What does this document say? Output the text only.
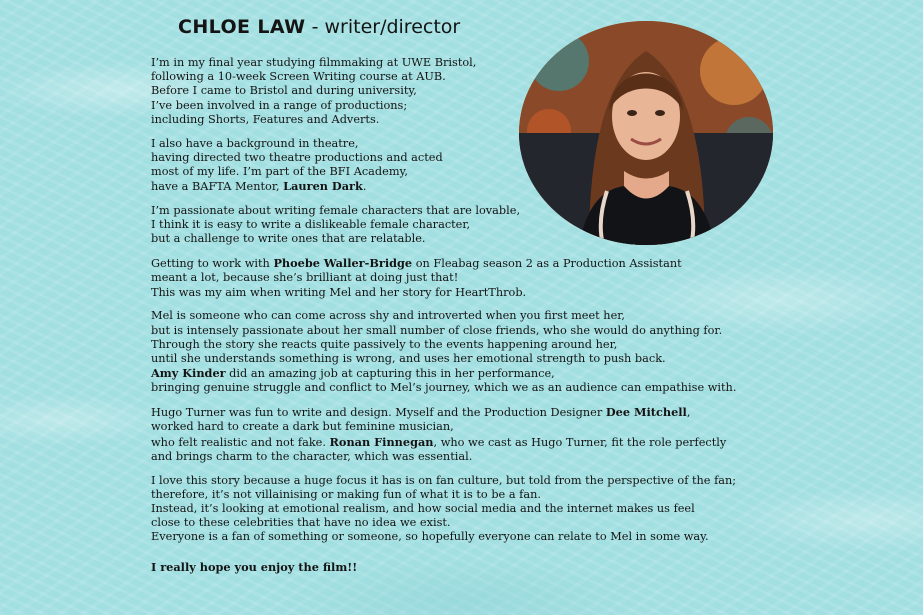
CHLOE LAW - writer/director

I’m in my final year studying filmmaking at UWE Bristol,
following a 10-week Screen Writing course at AUB.
Before I came to Bristol and during university,
I’ve been involved in a range of productions;
including Shorts, Features and Adverts.

I also have a background in theatre,
having directed two theatre productions and acted
most of my life. I’m part of the BFI Academy,
have a BAFTA Mentor, Lauren Dark.

I’m passionate about writing female characters that are lovable,
I think it is easy to write a dislikeable female character,
but a challenge to write ones that are relatable.

Getting to work with Phoebe Waller-Bridge on Fleabag season 2 as a Production Assistant
meant a lot, because she’s brilliant at doing just that!
This was my aim when writing Mel and her story for HeartThrob.

Mel is someone who can come across shy and introverted when you first meet her,
but is intensely passionate about her small number of close friends, who she would do anything for.
Through the story she reacts quite passively to the events happening around her,
until she understands something is wrong, and uses her emotional strength to push back.
Amy Kinder did an amazing job at capturing this in her performance,
bringing genuine struggle and conflict to Mel’s journey, which we as an audience can empathise with.

Hugo Turner was fun to write and design. Myself and the Production Designer Dee Mitchell,
worked hard to create a dark but feminine musician,
who felt realistic and not fake. Ronan Finnegan, who we cast as Hugo Turner, fit the role perfectly
and brings charm to the character, which was essential.

I love this story because a huge focus it has is on fan culture, but told from the perspective of the fan;
therefore, it’s not villainising or making fun of what it is to be a fan.
Instead, it’s looking at emotional realism, and how social media and the internet makes us feel
close to these celebrities that have no idea we exist.
Everyone is a fan of something or someone, so hopefully everyone can relate to Mel in some way.

I really hope you enjoy the film!!
